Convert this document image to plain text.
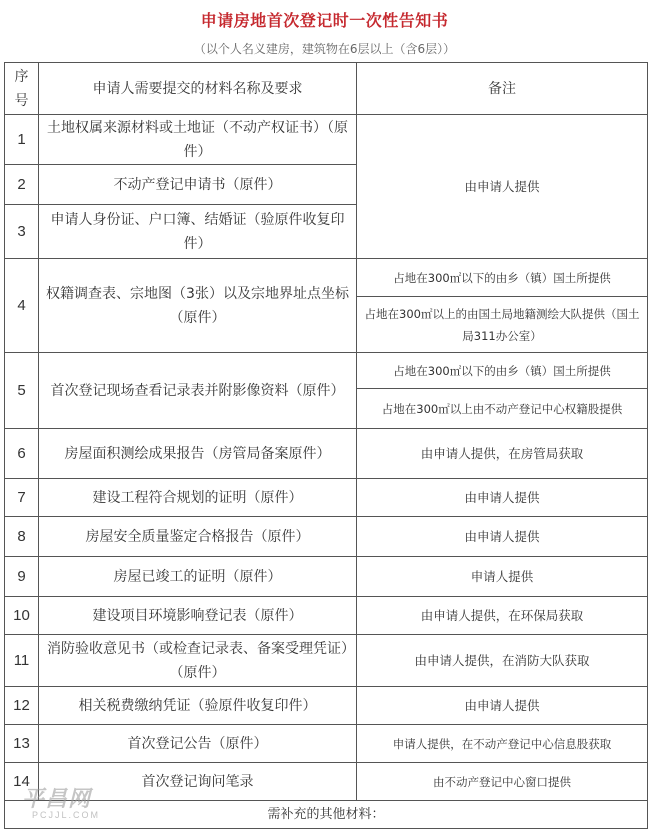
申请房地首次登记时一次性告知书
（以个人名义建房，建筑物在6层以上（含6层））
序号	申请人需要提交的材料名称及要求	备注
1	土地权属来源材料或土地证（不动产权证书）（原件）	由申请人提供
2	不动产登记申请书（原件）	
3	申请人身份证、户口簿、结婚证（验原件收复印件）	
4	权籍调查表、宗地图（3张）以及宗地界址点坐标（原件）	占地在300㎡以下的由乡（镇）国土所提供
		占地在300㎡以上的由国土局地籍测绘大队提供（国土局311办公室）
5	首次登记现场查看记录表并附影像资料（原件）	占地在300㎡以下的由乡（镇）国土所提供
		占地在300㎡以上由不动产登记中心权籍股提供
6	房屋面积测绘成果报告（房管局备案原件）	由申请人提供，在房管局获取
7	建设工程符合规划的证明（原件）	由申请人提供
8	房屋安全质量鉴定合格报告（原件）	由申请人提供
9	房屋已竣工的证明（原件）	申请人提供
10	建设项目环境影响登记表（原件）	由申请人提供，在环保局获取
11	消防验收意见书（或检查记录表、备案受理凭证）（原件）	由申请人提供，在消防大队获取
12	相关税费缴纳凭证（验原件收复印件）	由申请人提供
13	首次登记公告（原件）	申请人提供，在不动产登记中心信息股获取
14	首次登记询问笔录	由不动产登记中心窗口提供
需补充的其他材料：		
平昌网
PCJJL.COM
